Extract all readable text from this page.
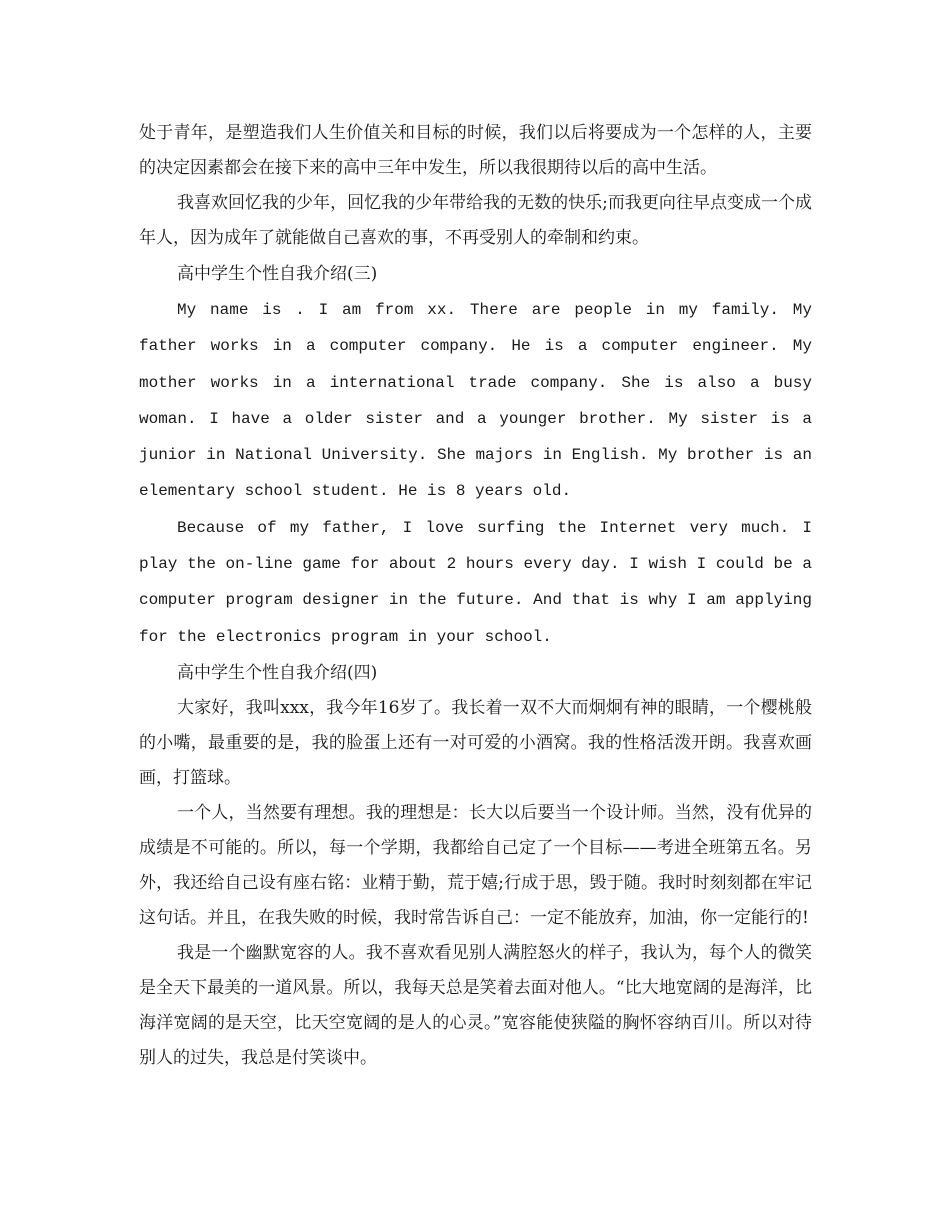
处于青年，是塑造我们人生价值关和目标的时候，我们以后将要成为一个怎样的人，主要的决定因素都会在接下来的高中三年中发生，所以我很期待以后的高中生活。

我喜欢回忆我的少年，回忆我的少年带给我的无数的快乐;而我更向往早点变成一个成年人，因为成年了就能做自己喜欢的事，不再受别人的牵制和约束。

高中学生个性自我介绍(三)

My name is . I am from xx. There are people in my family. My father works in a computer company. He is a computer engineer. My mother works in a international trade company. She is also a busy woman. I have a older sister and a younger brother. My sister is a junior in National University. She majors in English. My brother is an elementary school student. He is 8 years old.

Because of my father, I love surfing the Internet very much. I play the on-line game for about 2 hours every day. I wish I could be a computer program designer in the future. And that is why I am applying for the electronics program in your school.

高中学生个性自我介绍(四)

大家好，我叫xxx，我今年16岁了。我长着一双不大而炯炯有神的眼睛，一个樱桃般的小嘴，最重要的是，我的脸蛋上还有一对可爱的小酒窝。我的性格活泼开朗。我喜欢画画，打篮球。

一个人，当然要有理想。我的理想是：长大以后要当一个设计师。当然，没有优异的成绩是不可能的。所以，每一个学期，我都给自己定了一个目标——考进全班第五名。另外，我还给自己设有座右铭：业精于勤，荒于嬉;行成于思，毁于随。我时时刻刻都在牢记这句话。并且，在我失败的时候，我时常告诉自己：一定不能放弃，加油，你一定能行的!

我是一个幽默宽容的人。我不喜欢看见别人满腔怒火的样子，我认为，每个人的微笑是全天下最美的一道风景。所以，我每天总是笑着去面对他人。“比大地宽阔的是海洋，比海洋宽阔的是天空，比天空宽阔的是人的心灵。”宽容能使狭隘的胸怀容纳百川。所以对待别人的过失，我总是付笑谈中。
